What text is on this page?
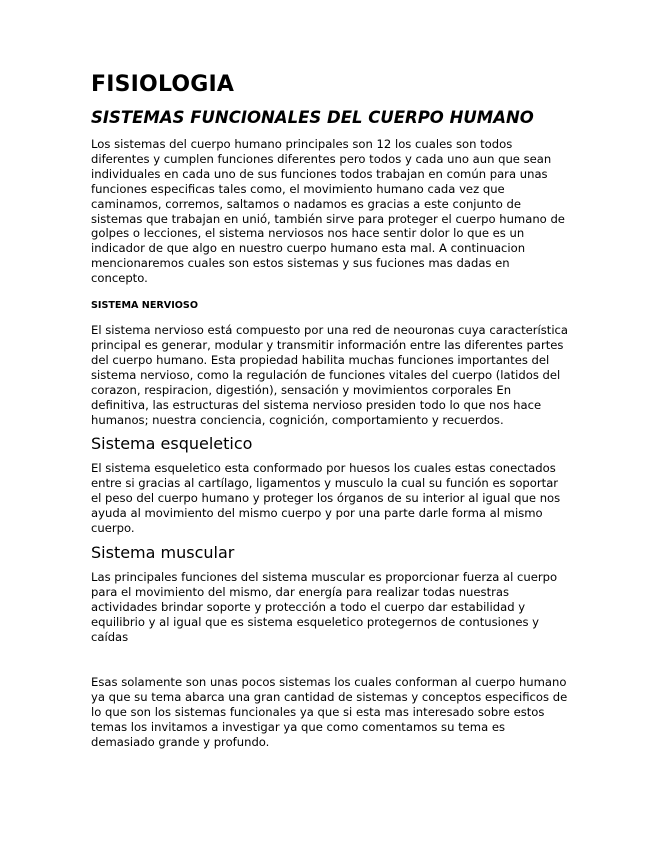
FISIOLOGIA
SISTEMAS FUNCIONALES DEL CUERPO HUMANO

Los sistemas del cuerpo humano principales son 12 los cuales son todos diferentes y cumplen funciones diferentes pero todos y cada uno aun que sean individuales en cada uno de sus funciones todos trabajan en común para unas funciones especificas tales como, el movimiento humano cada vez que caminamos, corremos, saltamos o nadamos es gracias a este conjunto de sistemas que trabajan en unió, también sirve para proteger el cuerpo humano de golpes o lecciones, el sistema nerviosos nos hace sentir dolor lo que es un indicador de que algo en nuestro cuerpo humano esta mal. A continuacion mencionaremos cuales son estos sistemas y sus fuciones mas dadas en concepto.

SISTEMA NERVIOSO

El sistema nervioso está compuesto por una red de neouronas cuya característica principal es generar, modular y transmitir información entre las diferentes partes del cuerpo humano. Esta propiedad habilita muchas funciones importantes del sistema nervioso, como la regulación de funciones vitales del cuerpo (latidos del corazon, respiracion, digestión), sensación y movimientos corporales En definitiva, las estructuras del sistema nervioso presiden todo lo que nos hace humanos; nuestra conciencia, cognición, comportamiento y recuerdos.

Sistema esqueletico

El sistema esqueletico esta conformado por huesos los cuales estas conectados entre si gracias al cartílago, ligamentos y musculo la cual su función es soportar el peso del cuerpo humano y proteger los órganos de su interior al igual que nos ayuda al movimiento del mismo cuerpo y por una parte darle forma al mismo cuerpo.

Sistema muscular

Las principales funciones del sistema muscular es proporcionar fuerza al cuerpo para el movimiento del mismo, dar energía para realizar todas nuestras actividades brindar soporte y protección a todo el cuerpo dar estabilidad y equilibrio y al igual que es sistema esqueletico protegernos de contusiones y caídas

Esas solamente son unas pocos sistemas los cuales conforman al cuerpo humano ya que su tema abarca una gran cantidad de sistemas y conceptos especificos de lo que son los sistemas funcionales ya que si esta mas interesado sobre estos temas los invitamos a investigar ya que como comentamos su tema es demasiado grande y profundo.
